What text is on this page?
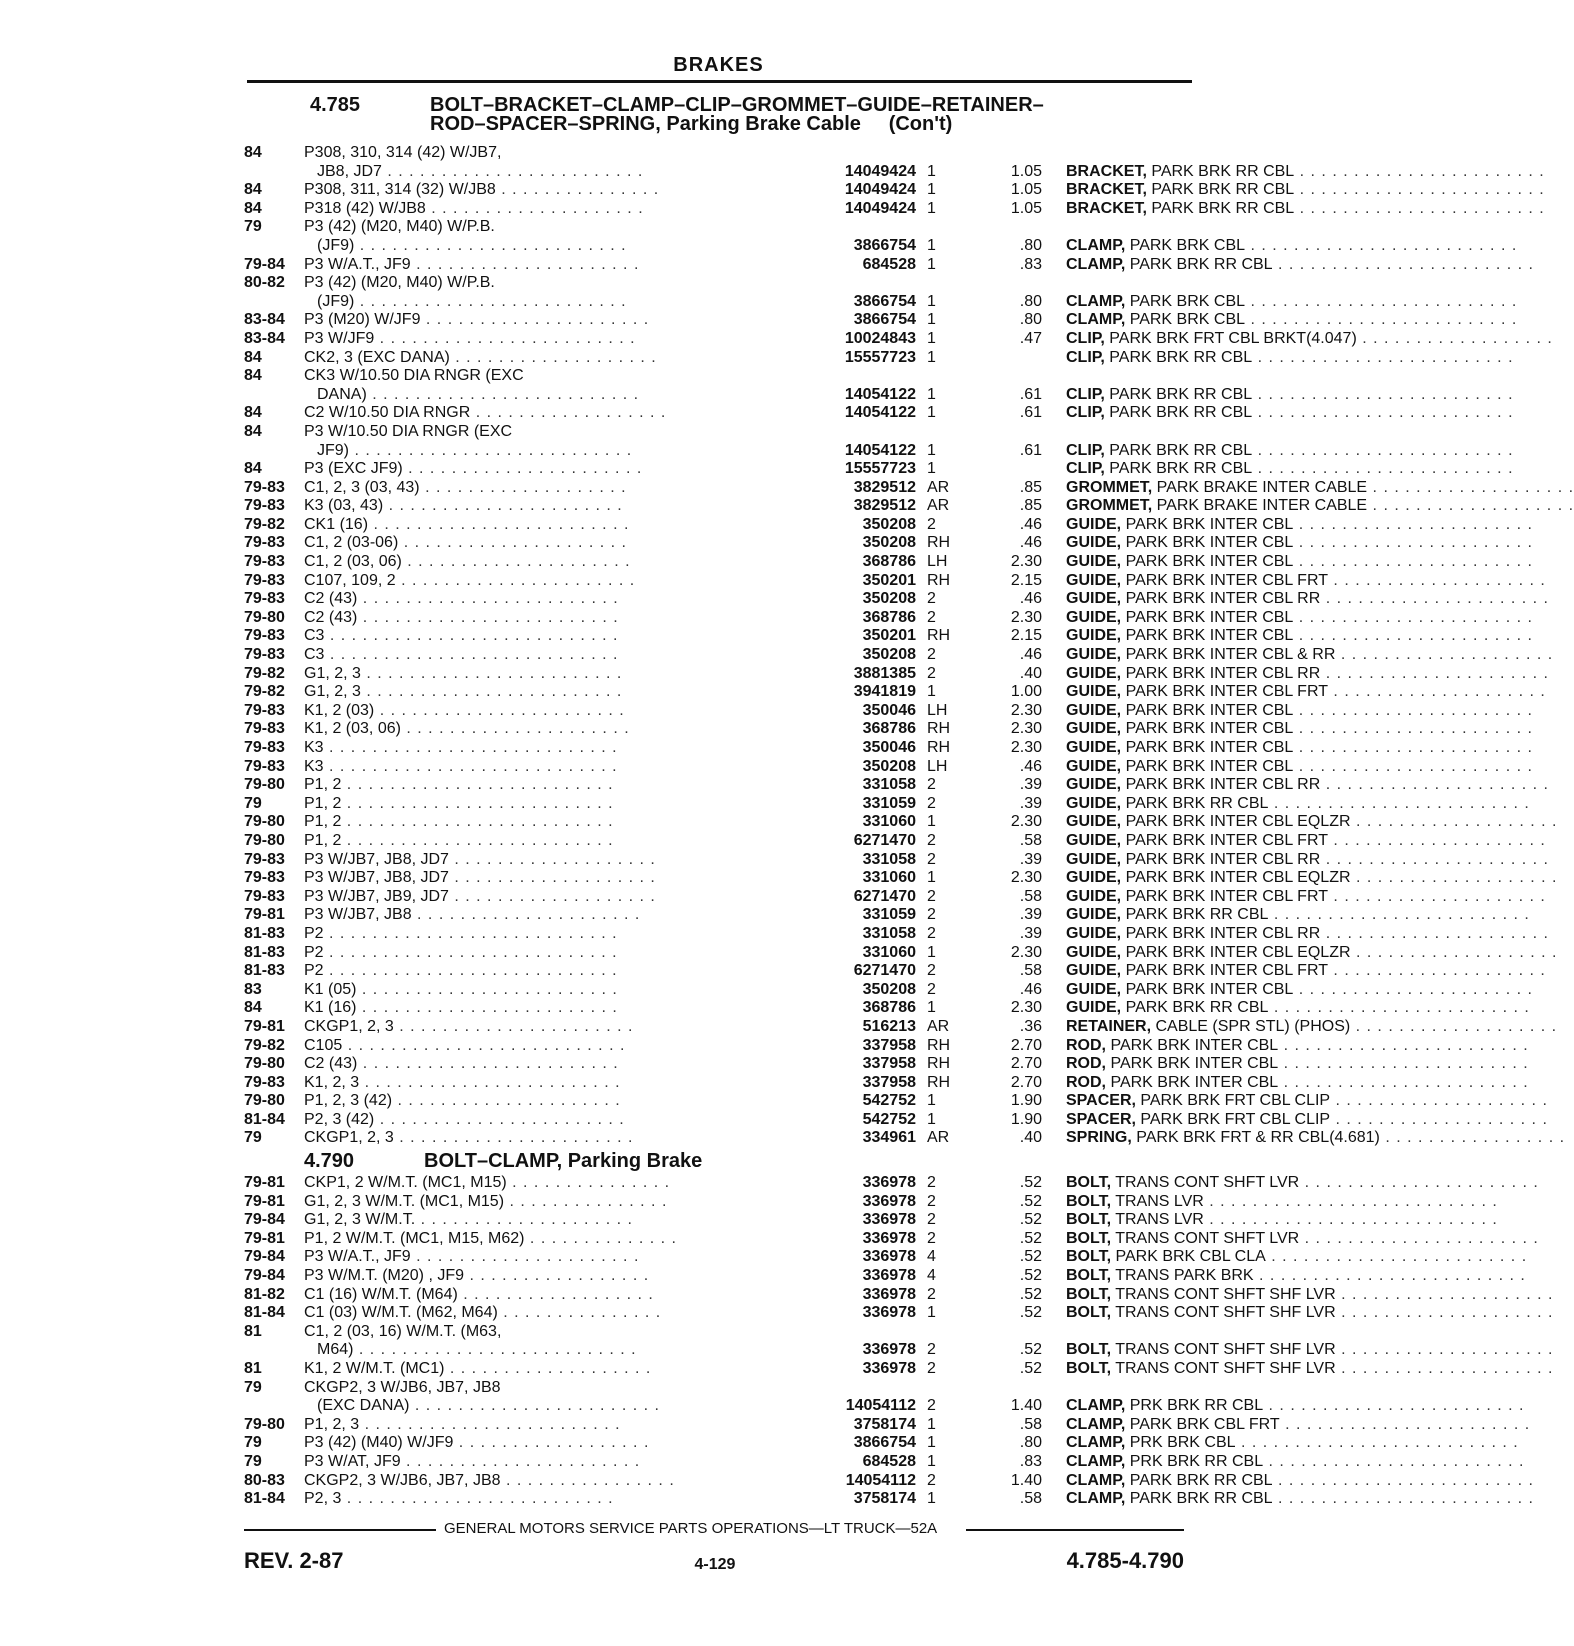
BRAKES
4.785	BOLT–BRACKET–CLAMP–CLIP–GROMMET–GUIDE–RETAINER–
ROD–SPACER–SPRING, Parking Brake Cable (Con't)
84	P308, 310, 314 (42) W/JB7,
JB8, JD7 . . . . . . . . . . . . . . . . . . . . . . . .	14049424 1	1.05 BRACKET, PARK BRK RR CBL . . . . . . . . . . . . . . . . . . . . . . .
84	P308, 311, 314 (32) W/JB8 . . . . . . . . . . . . . . .	14049424 1	1.05 BRACKET, PARK BRK RR CBL . . . . . . . . . . . . . . . . . . . . . . .
84	P318 (42) W/JB8 . . . . . . . . . . . . . . . . . . . .	14049424 1	1.05 BRACKET, PARK BRK RR CBL . . . . . . . . . . . . . . . . . . . . . . .
79	P3 (42) (M20, M40) W/P.B.
(JF9) . . . . . . . . . . . . . . . . . . . . . . . . .	3866754 1	.80 CLAMP, PARK BRK CBL . . . . . . . . . . . . . . . . . . . . . . . . .
79-84	P3 W/A.T., JF9 . . . . . . . . . . . . . . . . . . . . .	684528 1	.83 CLAMP, PARK BRK RR CBL . . . . . . . . . . . . . . . . . . . . . . . .
80-82	P3 (42) (M20, M40) W/P.B.
(JF9) . . . . . . . . . . . . . . . . . . . . . . . . .	3866754 1	.80 CLAMP, PARK BRK CBL . . . . . . . . . . . . . . . . . . . . . . . . .
83-84	P3 (M20) W/JF9 . . . . . . . . . . . . . . . . . . . . .	3866754 1	.80 CLAMP, PARK BRK CBL . . . . . . . . . . . . . . . . . . . . . . . . .
83-84	P3 W/JF9 . . . . . . . . . . . . . . . . . . . . . . . .	10024843 1	.47 CLIP, PARK BRK FRT CBL BRKT(4.047) . . . . . . . . . . . . . . . . . .
84	CK2, 3 (EXC DANA) . . . . . . . . . . . . . . . . . . .	15557723 1	CLIP, PARK BRK RR CBL . . . . . . . . . . . . . . . . . . . . . . . .
84	CK3 W/10.50 DIA RNGR (EXC
DANA) . . . . . . . . . . . . . . . . . . . . . . . . .	14054122 1	.61 CLIP, PARK BRK RR CBL . . . . . . . . . . . . . . . . . . . . . . . .
84	C2 W/10.50 DIA RNGR . . . . . . . . . . . . . . . . . .	14054122 1	.61 CLIP, PARK BRK RR CBL . . . . . . . . . . . . . . . . . . . . . . . .
84	P3 W/10.50 DIA RNGR (EXC
JF9) . . . . . . . . . . . . . . . . . . . . . . . . . .	14054122 1	.61 CLIP, PARK BRK RR CBL . . . . . . . . . . . . . . . . . . . . . . . .
84	P3 (EXC JF9) . . . . . . . . . . . . . . . . . . . . . .	15557723 1	CLIP, PARK BRK RR CBL . . . . . . . . . . . . . . . . . . . . . . . .
79-83	C1, 2, 3 (03, 43) . . . . . . . . . . . . . . . . . . .	3829512 AR	.85 GROMMET, PARK BRAKE INTER CABLE . . . . . . . . . . . . . . . . . . .
79-83	K3 (03, 43) . . . . . . . . . . . . . . . . . . . . . .	3829512 AR	.85 GROMMET, PARK BRAKE INTER CABLE . . . . . . . . . . . . . . . . . . .
79-82	CK1 (16) . . . . . . . . . . . . . . . . . . . . . . . .	350208 2	.46 GUIDE, PARK BRK INTER CBL . . . . . . . . . . . . . . . . . . . . . .
79-83	C1, 2 (03-06) . . . . . . . . . . . . . . . . . . . . .	350208 RH	.46 GUIDE, PARK BRK INTER CBL . . . . . . . . . . . . . . . . . . . . . .
79-83	C1, 2 (03, 06) . . . . . . . . . . . . . . . . . . . . .	368786 LH	2.30 GUIDE, PARK BRK INTER CBL . . . . . . . . . . . . . . . . . . . . . .
79-83	C107, 109, 2 . . . . . . . . . . . . . . . . . . . . . .	350201 RH	2.15 GUIDE, PARK BRK INTER CBL FRT . . . . . . . . . . . . . . . . . . . .
79-83	C2 (43) . . . . . . . . . . . . . . . . . . . . . . . .	350208 2	.46 GUIDE, PARK BRK INTER CBL RR . . . . . . . . . . . . . . . . . . . . .
79-80	C2 (43) . . . . . . . . . . . . . . . . . . . . . . . .	368786 2	2.30 GUIDE, PARK BRK INTER CBL . . . . . . . . . . . . . . . . . . . . . .
79-83	C3 . . . . . . . . . . . . . . . . . . . . . . . . . . .	350201 RH	2.15 GUIDE, PARK BRK INTER CBL . . . . . . . . . . . . . . . . . . . . . .
79-83	C3 . . . . . . . . . . . . . . . . . . . . . . . . . . .	350208 2	.46 GUIDE, PARK BRK INTER CBL & RR . . . . . . . . . . . . . . . . . . . .
79-82	G1, 2, 3 . . . . . . . . . . . . . . . . . . . . . . . .	3881385 2	.40 GUIDE, PARK BRK INTER CBL RR . . . . . . . . . . . . . . . . . . . . .
79-82	G1, 2, 3 . . . . . . . . . . . . . . . . . . . . . . . .	3941819 1	1.00 GUIDE, PARK BRK INTER CBL FRT . . . . . . . . . . . . . . . . . . . .
79-83	K1, 2 (03) . . . . . . . . . . . . . . . . . . . . . . .	350046 LH	2.30 GUIDE, PARK BRK INTER CBL . . . . . . . . . . . . . . . . . . . . . .
79-83	K1, 2 (03, 06) . . . . . . . . . . . . . . . . . . . . .	368786 RH	2.30 GUIDE, PARK BRK INTER CBL . . . . . . . . . . . . . . . . . . . . . .
79-83	K3 . . . . . . . . . . . . . . . . . . . . . . . . . . .	350046 RH	2.30 GUIDE, PARK BRK INTER CBL . . . . . . . . . . . . . . . . . . . . . .
79-83	K3 . . . . . . . . . . . . . . . . . . . . . . . . . . .	350208 LH	.46 GUIDE, PARK BRK INTER CBL . . . . . . . . . . . . . . . . . . . . . .
79-80	P1, 2 . . . . . . . . . . . . . . . . . . . . . . . . .	331058 2	.39 GUIDE, PARK BRK INTER CBL RR . . . . . . . . . . . . . . . . . . . . .
79	P1, 2 . . . . . . . . . . . . . . . . . . . . . . . . .	331059 2	.39 GUIDE, PARK BRK RR CBL . . . . . . . . . . . . . . . . . . . . . . . .
79-80	P1, 2 . . . . . . . . . . . . . . . . . . . . . . . . .	331060 1	2.30 GUIDE, PARK BRK INTER CBL EQLZR . . . . . . . . . . . . . . . . . . .
79-80	P1, 2 . . . . . . . . . . . . . . . . . . . . . . . . .	6271470 2	.58 GUIDE, PARK BRK INTER CBL FRT . . . . . . . . . . . . . . . . . . . .
79-83	P3 W/JB7, JB8, JD7 . . . . . . . . . . . . . . . . . . .	331058 2	.39 GUIDE, PARK BRK INTER CBL RR . . . . . . . . . . . . . . . . . . . . .
79-83	P3 W/JB7, JB8, JD7 . . . . . . . . . . . . . . . . . . .	331060 1	2.30 GUIDE, PARK BRK INTER CBL EQLZR . . . . . . . . . . . . . . . . . . .
79-83	P3 W/JB7, JB9, JD7 . . . . . . . . . . . . . . . . . . .	6271470 2	.58 GUIDE, PARK BRK INTER CBL FRT . . . . . . . . . . . . . . . . . . . .
79-81	P3 W/JB7, JB8 . . . . . . . . . . . . . . . . . . . . .	331059 2	.39 GUIDE, PARK BRK RR CBL . . . . . . . . . . . . . . . . . . . . . . . .
81-83	P2 . . . . . . . . . . . . . . . . . . . . . . . . . . .	331058 2	.39 GUIDE, PARK BRK INTER CBL RR . . . . . . . . . . . . . . . . . . . . .
81-83	P2 . . . . . . . . . . . . . . . . . . . . . . . . . . .	331060 1	2.30 GUIDE, PARK BRK INTER CBL EQLZR . . . . . . . . . . . . . . . . . . .
81-83	P2 . . . . . . . . . . . . . . . . . . . . . . . . . . .	6271470 2	.58 GUIDE, PARK BRK INTER CBL FRT . . . . . . . . . . . . . . . . . . . .
83	K1 (05) . . . . . . . . . . . . . . . . . . . . . . . .	350208 2	.46 GUIDE, PARK BRK INTER CBL . . . . . . . . . . . . . . . . . . . . . .
84	K1 (16) . . . . . . . . . . . . . . . . . . . . . . . .	368786 1	2.30 GUIDE, PARK BRK RR CBL . . . . . . . . . . . . . . . . . . . . . . . .
79-81	CKGP1, 2, 3 . . . . . . . . . . . . . . . . . . . . . .	516213 AR	.36 RETAINER, CABLE (SPR STL) (PHOS) . . . . . . . . . . . . . . . . . . .
79-82	C105 . . . . . . . . . . . . . . . . . . . . . . . . . .	337958 RH	2.70 ROD, PARK BRK INTER CBL . . . . . . . . . . . . . . . . . . . . . . .
79-80	C2 (43) . . . . . . . . . . . . . . . . . . . . . . . .	337958 RH	2.70 ROD, PARK BRK INTER CBL . . . . . . . . . . . . . . . . . . . . . . .
79-83	K1, 2, 3 . . . . . . . . . . . . . . . . . . . . . . . .	337958 RH	2.70 ROD, PARK BRK INTER CBL . . . . . . . . . . . . . . . . . . . . . . .
79-80	P1, 2, 3 (42) . . . . . . . . . . . . . . . . . . . . .	542752 1	1.90 SPACER, PARK BRK FRT CBL CLIP . . . . . . . . . . . . . . . . . . . .
81-84	P2, 3 (42) . . . . . . . . . . . . . . . . . . . . . . .	542752 1	1.90 SPACER, PARK BRK FRT CBL CLIP . . . . . . . . . . . . . . . . . . . .
79	CKGP1, 2, 3 . . . . . . . . . . . . . . . . . . . . . .	334961 AR	.40 SPRING, PARK BRK FRT & RR CBL(4.681) . . . . . . . . . . . . . . . . .
4.790	BOLT–CLAMP, Parking Brake
79-81	CKP1, 2 W/M.T. (MC1, M15) . . . . . . . . . . . . . . .	336978 2	.52 BOLT, TRANS CONT SHFT LVR . . . . . . . . . . . . . . . . . . . . . .
79-81	G1, 2, 3 W/M.T. (MC1, M15) . . . . . . . . . . . . . . .	336978 2	.52 BOLT, TRANS LVR . . . . . . . . . . . . . . . . . . . . . . . . . . .
79-84	G1, 2, 3 W/M.T. . . . . . . . . . . . . . . . . . . . .	336978 2	.52 BOLT, TRANS LVR . . . . . . . . . . . . . . . . . . . . . . . . . . .
79-81	P1, 2 W/M.T. (MC1, M15, M62) . . . . . . . . . . . . . .	336978 2	.52 BOLT, TRANS CONT SHFT LVR . . . . . . . . . . . . . . . . . . . . . .
79-84	P3 W/A.T., JF9 . . . . . . . . . . . . . . . . . . . . .	336978 4	.52 BOLT, PARK BRK CBL CLA . . . . . . . . . . . . . . . . . . . . . . . .
79-84	P3 W/M.T. (M20) , JF9 . . . . . . . . . . . . . . . . .	336978 4	.52 BOLT, TRANS PARK BRK . . . . . . . . . . . . . . . . . . . . . . . . .
81-82	C1 (16) W/M.T. (M64) . . . . . . . . . . . . . . . . . .	336978 2	.52 BOLT, TRANS CONT SHFT SHF LVR . . . . . . . . . . . . . . . . . . . .
81-84	C1 (03) W/M.T. (M62, M64) . . . . . . . . . . . . . . .	336978 1	.52 BOLT, TRANS CONT SHFT SHF LVR . . . . . . . . . . . . . . . . . . . .
81	C1, 2 (03, 16) W/M.T. (M63,
M64) . . . . . . . . . . . . . . . . . . . . . . . . . .	336978 2	.52 BOLT, TRANS CONT SHFT SHF LVR . . . . . . . . . . . . . . . . . . . .
81	K1, 2 W/M.T. (MC1) . . . . . . . . . . . . . . . . . . .	336978 2	.52 BOLT, TRANS CONT SHFT SHF LVR . . . . . . . . . . . . . . . . . . . .
79	CKGP2, 3 W/JB6, JB7, JB8
(EXC DANA) . . . . . . . . . . . . . . . . . . . . . . .	14054112 2	1.40 CLAMP, PRK BRK RR CBL . . . . . . . . . . . . . . . . . . . . . . . .
79-80	P1, 2, 3 . . . . . . . . . . . . . . . . . . . . . . . .	3758174 1	.58 CLAMP, PARK BRK CBL FRT . . . . . . . . . . . . . . . . . . . . . . .
79	P3 (42) (M40) W/JF9 . . . . . . . . . . . . . . . . . .	3866754 1	.80 CLAMP, PRK BRK CBL . . . . . . . . . . . . . . . . . . . . . . . . . .
79	P3 W/AT, JF9 . . . . . . . . . . . . . . . . . . . . . .	684528 1	.83 CLAMP, PRK BRK RR CBL . . . . . . . . . . . . . . . . . . . . . . . .
80-83	CKGP2, 3 W/JB6, JB7, JB8 . . . . . . . . . . . . . . . .	14054112 2	1.40 CLAMP, PARK BRK RR CBL . . . . . . . . . . . . . . . . . . . . . . . .
81-84	P2, 3 . . . . . . . . . . . . . . . . . . . . . . . . .	3758174 1	.58 CLAMP, PARK BRK RR CBL . . . . . . . . . . . . . . . . . . . . . . . .
GENERAL MOTORS SERVICE PARTS OPERATIONS—LT TRUCK—52A
REV. 2-87	4-129	4.785-4.790
